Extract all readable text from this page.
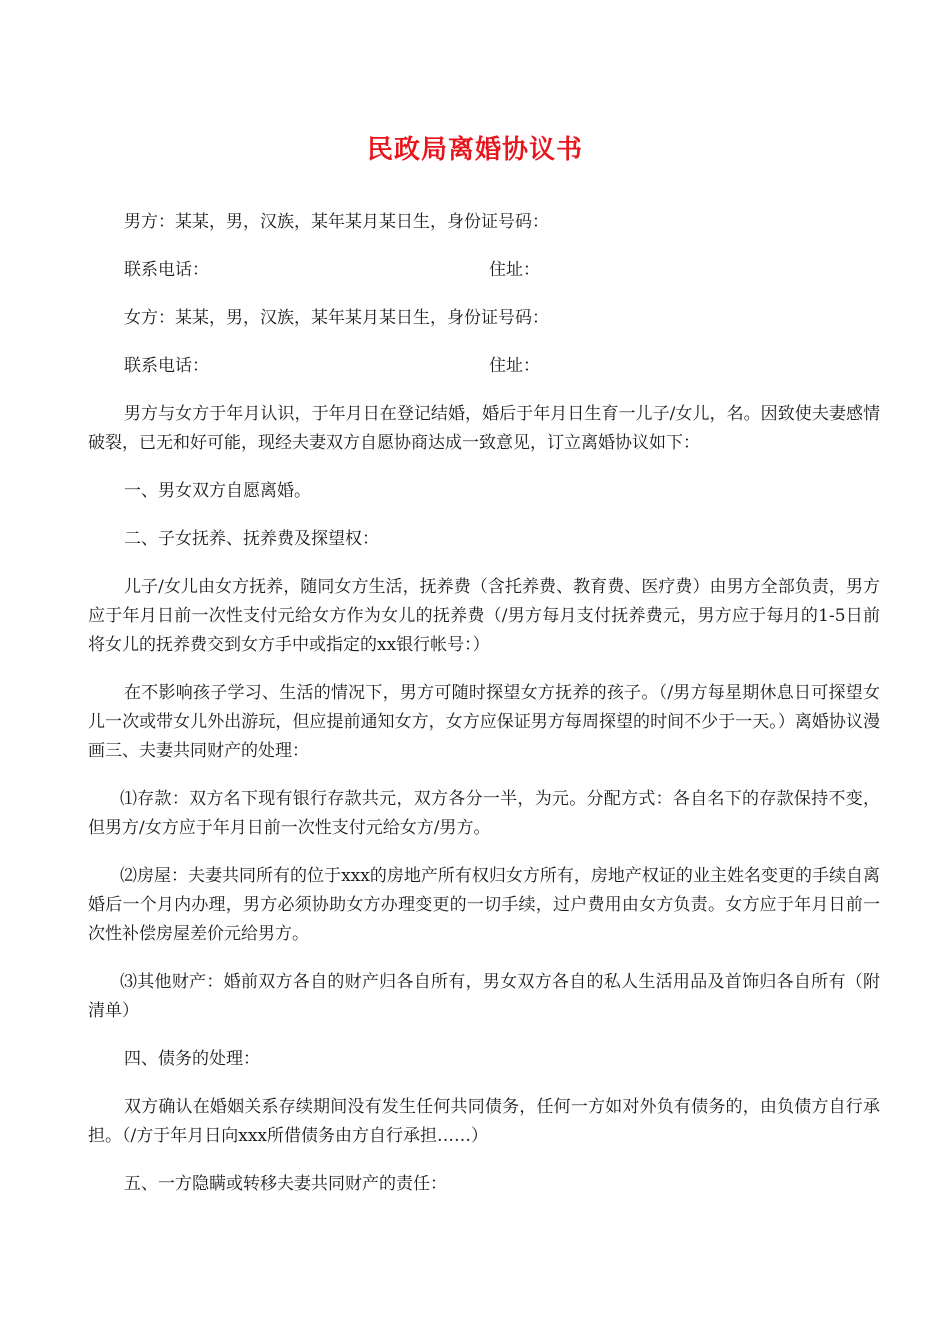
民政局离婚协议书
男方：某某，男，汉族，某年某月某日生，身份证号码：
联系电话：	住址：
女方：某某，男，汉族，某年某月某日生，身份证号码：
联系电话：	住址：
男方与女方于年月认识，于年月日在登记结婚，婚后于年月日生育一儿子/女儿，名。因致使夫妻感情破裂，已无和好可能，现经夫妻双方自愿协商达成一致意见，订立离婚协议如下：
一、男女双方自愿离婚。
二、子女抚养、抚养费及探望权：
儿子/女儿由女方抚养，随同女方生活，抚养费（含托养费、教育费、医疗费）由男方全部负责，男方应于年月日前一次性支付元给女方作为女儿的抚养费（/男方每月支付抚养费元，男方应于每月的1-5日前将女儿的抚养费交到女方手中或指定的xx银行帐号：）
在不影响孩子学习、生活的情况下，男方可随时探望女方抚养的孩子。（/男方每星期休息日可探望女儿一次或带女儿外出游玩，但应提前通知女方，女方应保证男方每周探望的时间不少于一天。）离婚协议漫画三、夫妻共同财产的处理：
⑴存款：双方名下现有银行存款共元，双方各分一半，为元。分配方式：各自名下的存款保持不变，但男方/女方应于年月日前一次性支付元给女方/男方。
⑵房屋：夫妻共同所有的位于xxx的房地产所有权归女方所有，房地产权证的业主姓名变更的手续自离婚后一个月内办理，男方必须协助女方办理变更的一切手续，过户费用由女方负责。女方应于年月日前一次性补偿房屋差价元给男方。
⑶其他财产：婚前双方各自的财产归各自所有，男女双方各自的私人生活用品及首饰归各自所有（附清单）
四、债务的处理：
双方确认在婚姻关系存续期间没有发生任何共同债务，任何一方如对外负有债务的，由负债方自行承担。（/方于年月日向xxx所借债务由方自行承担……）
五、一方隐瞒或转移夫妻共同财产的责任：
